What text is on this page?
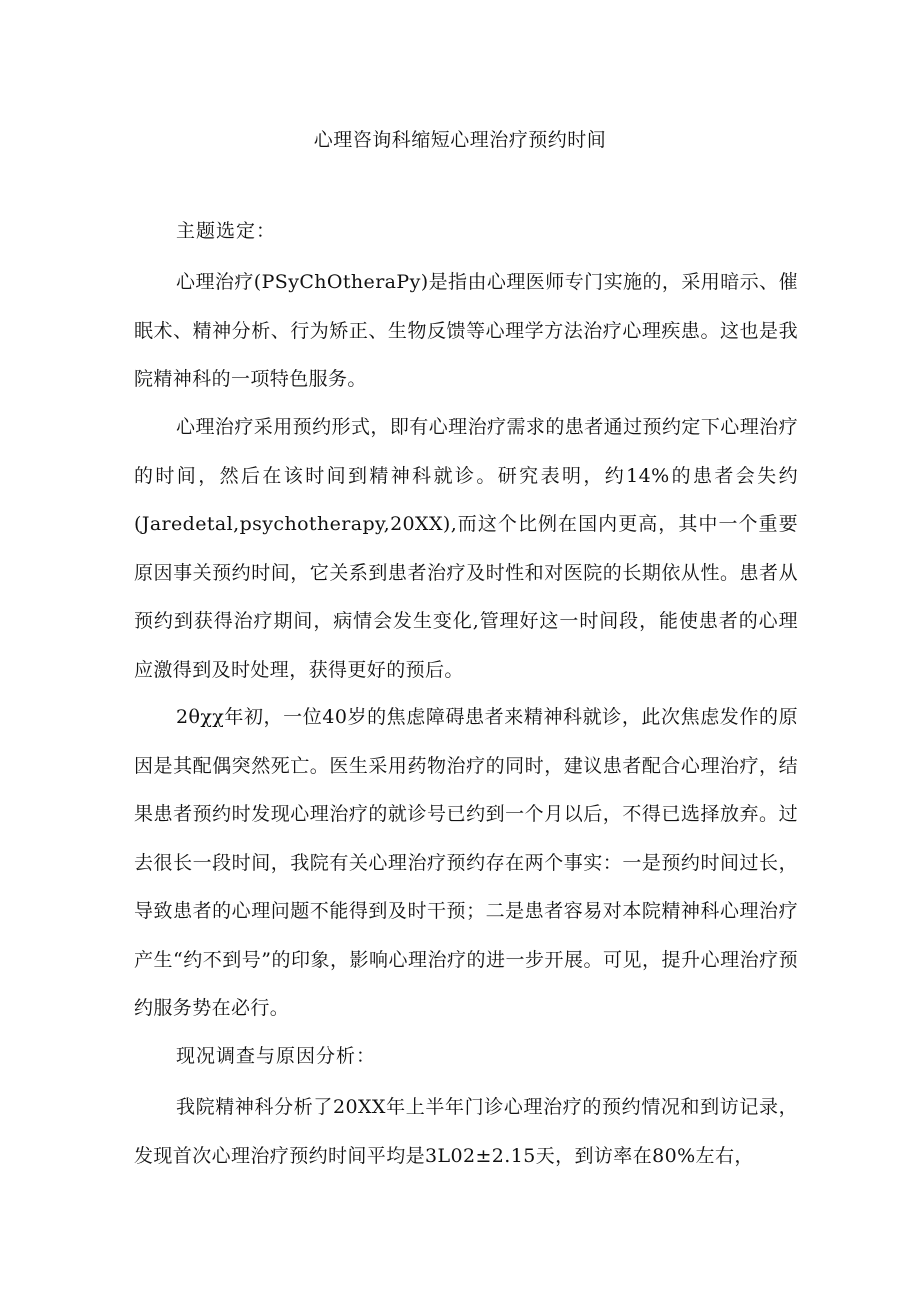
心理咨询科缩短心理治疗预约时间
主题选定：

心理治疗(PSyChOtheraPy)是指由心理医师专门实施的，采用暗示、催眠术、精神分析、行为矫正、生物反馈等心理学方法治疗心理疾患。这也是我院精神科的一项特色服务。

心理治疗采用预约形式，即有心理治疗需求的患者通过预约定下心理治疗的时间，然后在该时间到精神科就诊。研究表明，约14%的患者会失约(Jaredetal,psychotherapy,20XX),而这个比例在国内更高，其中一个重要原因事关预约时间，它关系到患者治疗及时性和对医院的长期依从性。患者从预约到获得治疗期间，病情会发生变化,管理好这一时间段，能使患者的心理应激得到及时处理，获得更好的预后。

2θχχ年初，一位40岁的焦虑障碍患者来精神科就诊，此次焦虑发作的原因是其配偶突然死亡。医生采用药物治疗的同时，建议患者配合心理治疗，结果患者预约时发现心理治疗的就诊号已约到一个月以后，不得已选择放弃。过去很长一段时间，我院有关心理治疗预约存在两个事实：一是预约时间过长，导致患者的心理问题不能得到及时干预；二是患者容易对本院精神科心理治疗产生“约不到号”的印象，影响心理治疗的进一步开展。可见，提升心理治疗预约服务势在必行。

现况调查与原因分析：

我院精神科分析了20XX年上半年门诊心理治疗的预约情况和到访记录，发现首次心理治疗预约时间平均是3L02±2.15天，到访率在80%左右，
